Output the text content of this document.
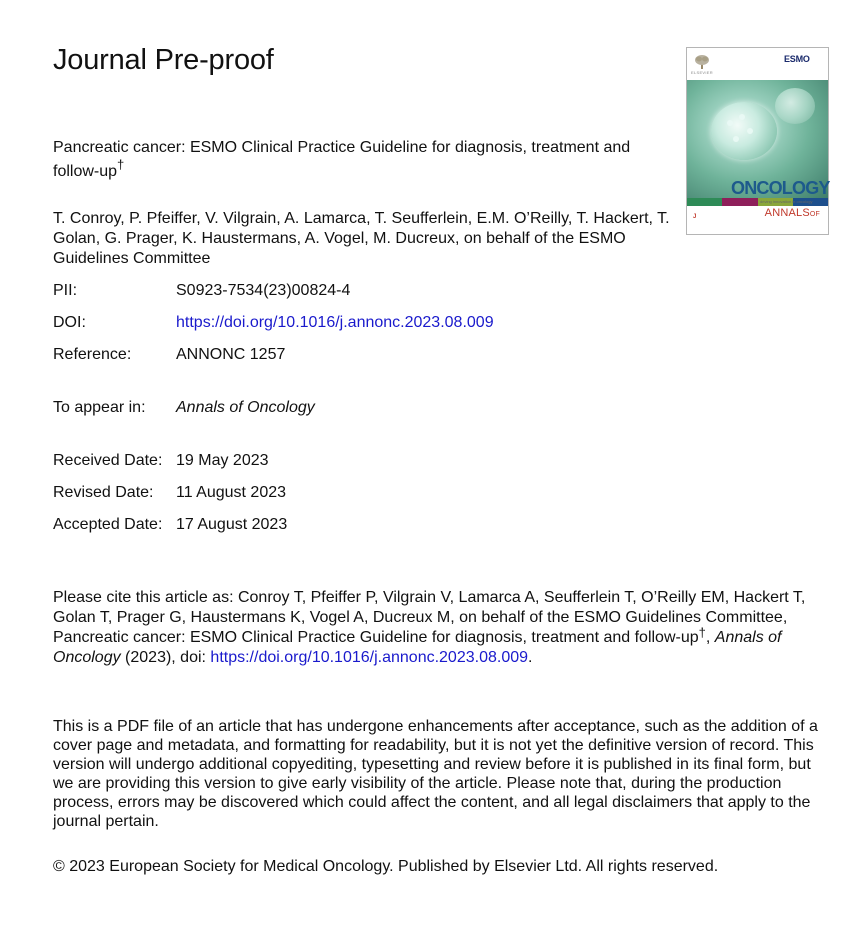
Journal Pre-proof
Pancreatic cancer: ESMO Clinical Practice Guideline for diagnosis, treatment and follow-up†
T. Conroy, P. Pfeiffer, V. Vilgrain, A. Lamarca, T. Seufferlein, E.M. O’Reilly, T. Hackert, T. Golan, G. Prager, K. Haustermans, A. Vogel, M. Ducreux, on behalf of the ESMO Guidelines Committee
PII:	S0923-7534(23)00824-4
DOI:	https://doi.org/10.1016/j.annonc.2023.08.009
Reference:	ANNONC 1257
To appear in: Annals of Oncology
Received Date: 19 May 2023
Revised Date: 11 August 2023
Accepted Date: 17 August 2023
Please cite this article as: Conroy T, Pfeiffer P, Vilgrain V, Lamarca A, Seufferlein T, O’Reilly EM, Hackert T, Golan T, Prager G, Haustermans K, Vogel A, Ducreux M, on behalf of the ESMO Guidelines Committee, Pancreatic cancer: ESMO Clinical Practice Guideline for diagnosis, treatment and follow-up†, Annals of Oncology (2023), doi: https://doi.org/10.1016/j.annonc.2023.08.009.
This is a PDF file of an article that has undergone enhancements after acceptance, such as the addition of a cover page and metadata, and formatting for readability, but it is not yet the definitive version of record. This version will undergo additional copyediting, typesetting and review before it is published in its final form, but we are providing this version to give early visibility of the article. Please note that, during the production process, errors may be discovered which could affect the content, and all legal disclaimers that apply to the journal pertain.
© 2023 European Society for Medical Oncology. Published by Elsevier Ltd. All rights reserved.
ELSEVIER
ESMO
ANNALSOF
J
ONCOLOGY
driving innovation in oncology
